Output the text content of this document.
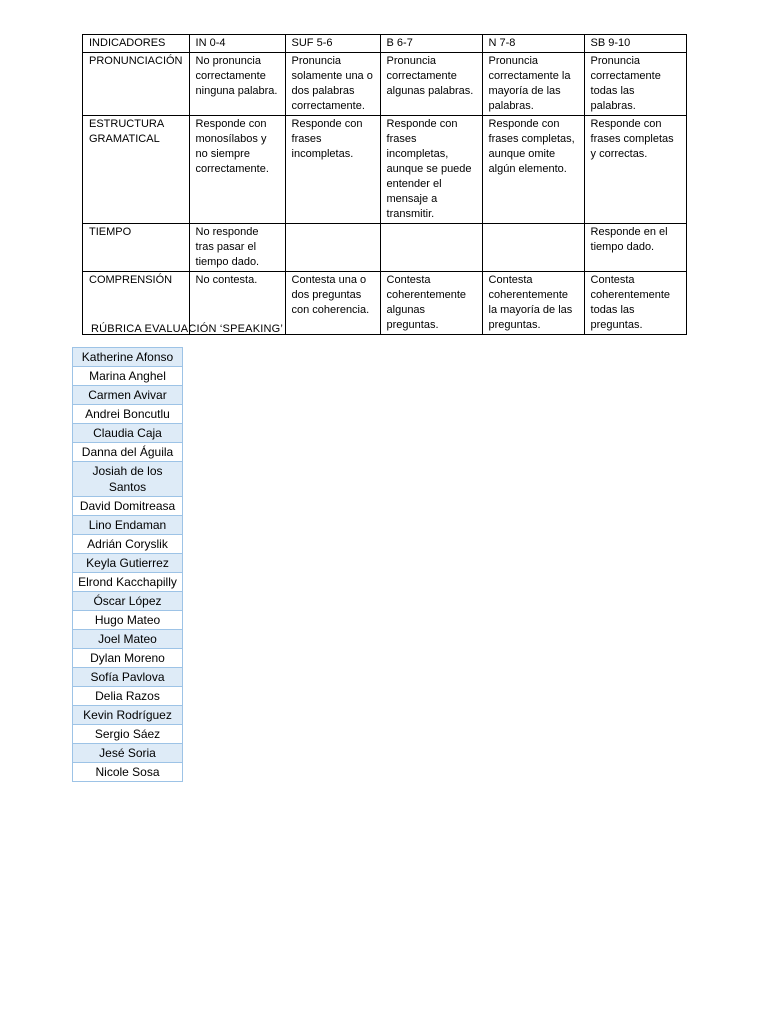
INDICADORES	IN 0-4	SUF 5-6	B 6-7	N 7-8	SB 9-10
PRONUNCIACIÓN	No pronuncia correctamente ninguna palabra.	Pronuncia solamente una o dos palabras correctamente.	Pronuncia correctamente algunas palabras.	Pronuncia correctamente la mayoría de las palabras.	Pronuncia correctamente todas las palabras.
ESTRUCTURA GRAMATICAL	Responde con monosílabos y no siempre correctamente.	Responde con frases incompletas.	Responde con frases incompletas, aunque se puede entender el mensaje a transmitir.	Responde con frases completas, aunque omite algún elemento.	Responde con frases completas y correctas.
TIEMPO	No responde tras pasar el tiempo dado.				Responde en el tiempo dado.
COMPRENSIÓN	No contesta.	Contesta una o dos preguntas con coherencia.	Contesta coherentemente algunas preguntas.	Contesta coherentemente la mayoría de las preguntas.	Contesta coherentemente todas las preguntas.
RÚBRICA EVALUACIÓN ‘SPEAKING’
Katherine Afonso
Marina Anghel
Carmen Avivar
Andrei Boncutlu
Claudia Caja
Danna del Águila
Josiah de los Santos
David Domitreasa
Lino Endaman
Adrián Coryslik
Keyla Gutierrez
Elrond Kacchapilly
Óscar López
Hugo Mateo
Joel Mateo
Dylan Moreno
Sofía Pavlova
Delia Razos
Kevin Rodríguez
Sergio Sáez
Jesé Soria
Nicole Sosa
